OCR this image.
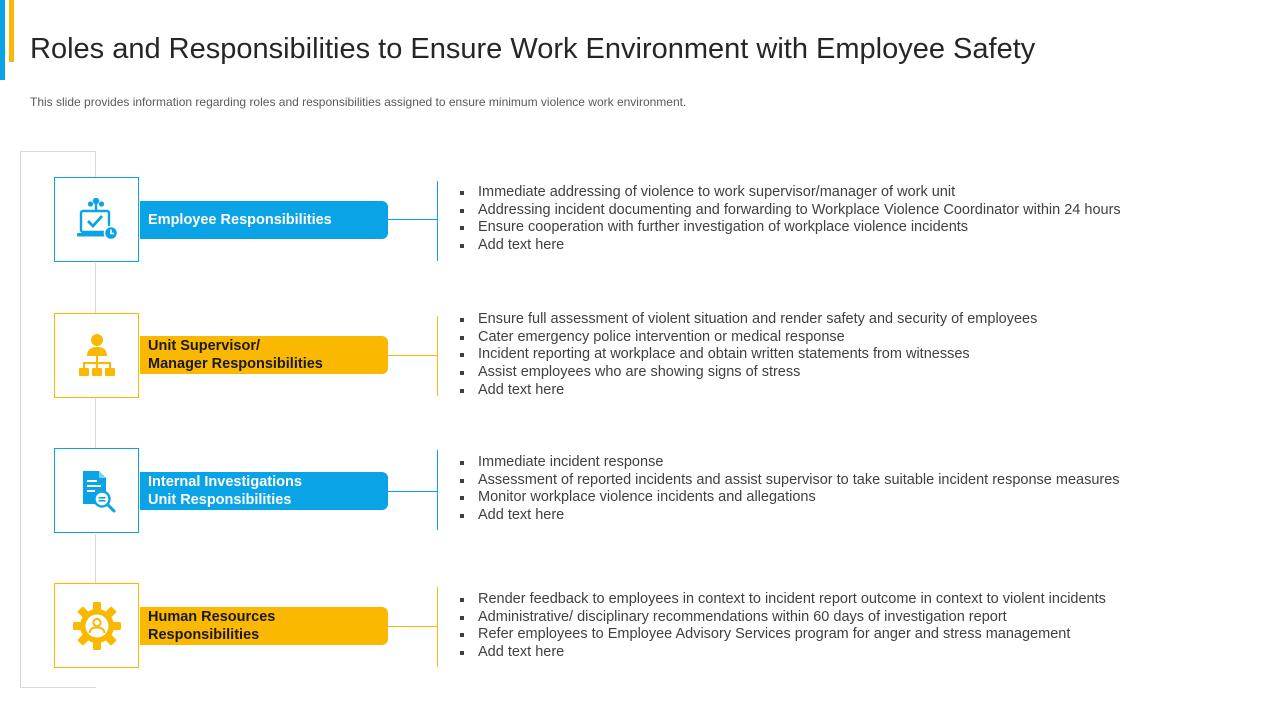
Roles and Responsibilities to Ensure Work Environment with Employee Safety

This slide provides information regarding roles and responsibilities assigned to ensure minimum violence work environment.

Employee Responsibilities
Immediate addressing of violence to work supervisor/manager of work unit
Addressing incident documenting and forwarding to Workplace Violence Coordinator within 24 hours
Ensure cooperation with further investigation of workplace violence incidents
Add text here
Unit Supervisor/
Manager Responsibilities
Ensure full assessment of violent situation and render safety and security of employees
Cater emergency police intervention or medical response
Incident reporting at workplace and obtain written statements from witnesses
Assist employees who are showing signs of stress
Add text here
Internal Investigations
Unit Responsibilities
Immediate incident response
Assessment of reported incidents and assist supervisor to take suitable incident response measures
Monitor workplace violence incidents and allegations
Add text here
Human Resources
Responsibilities
Render feedback to employees in context to incident report outcome in context to violent incidents
Administrative/ disciplinary recommendations within 60 days of investigation report
Refer employees to Employee Advisory Services program for anger and stress management
Add text here
